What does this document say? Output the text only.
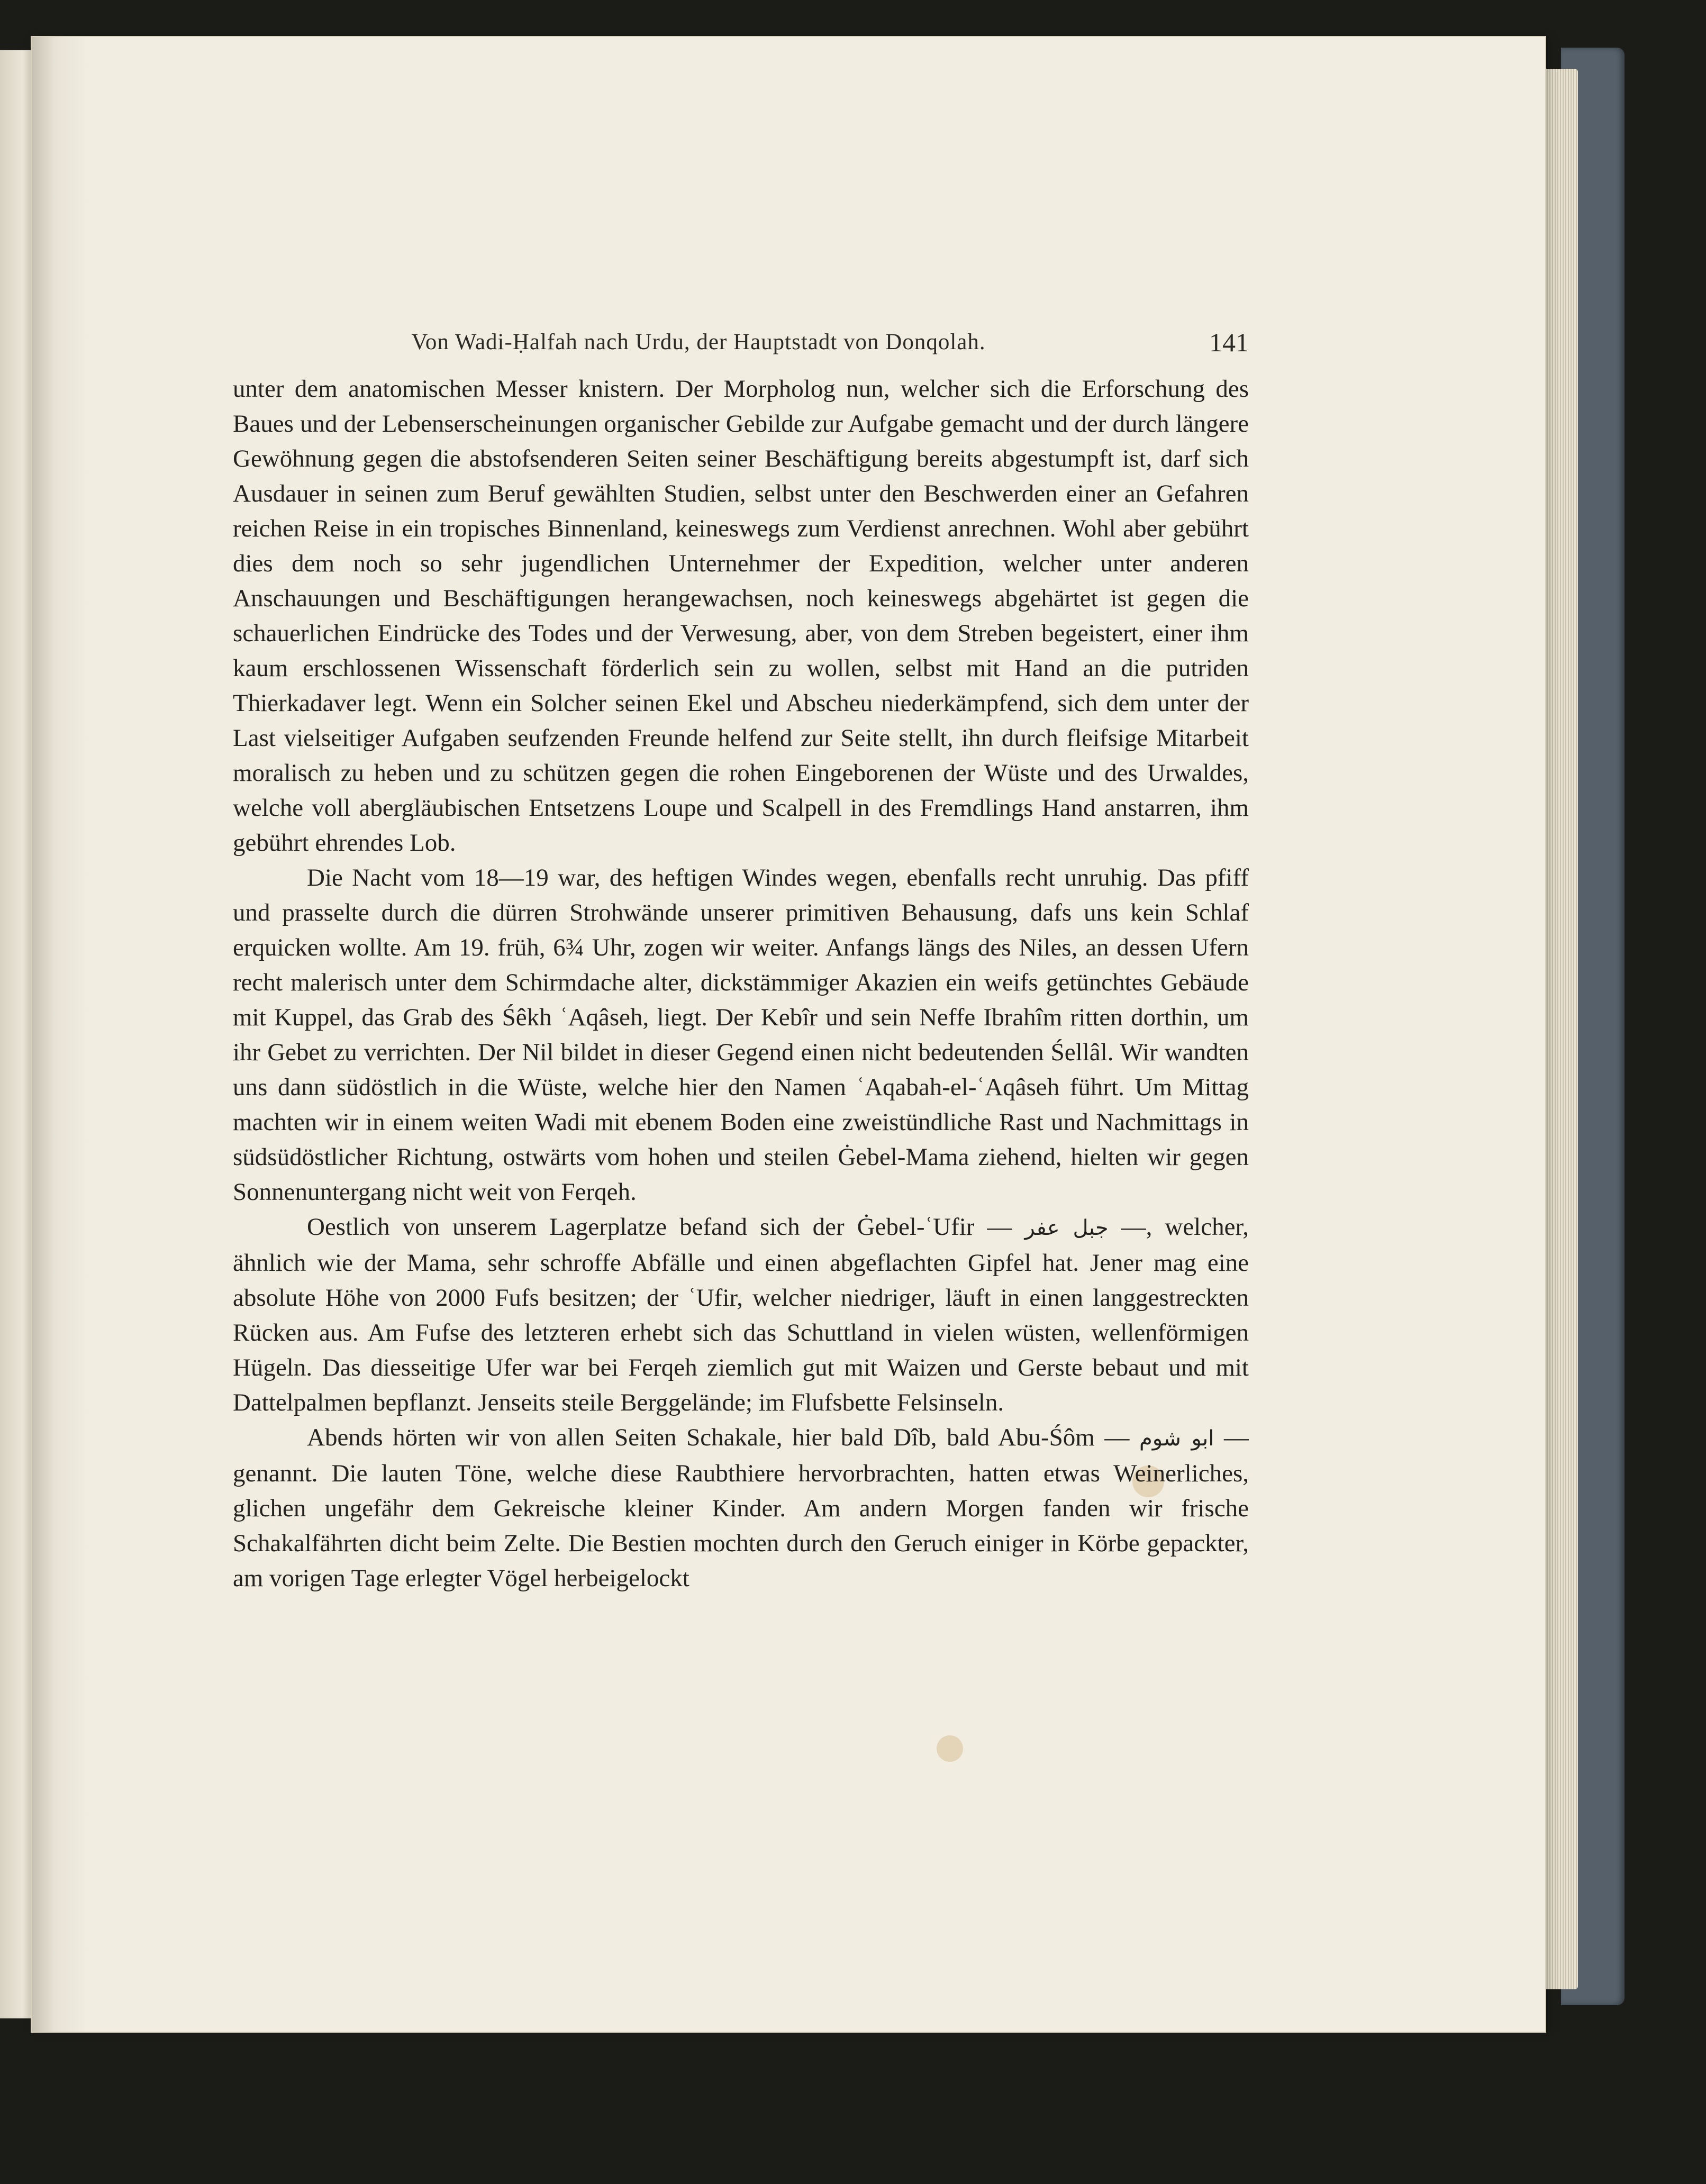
Von Wadi-Ḥalfah nach Urdu, der Hauptstadt von Donqolah.	141

unter dem anatomischen Messer knistern. Der Morpholog nun, welcher sich die Erforschung des Baues und der Lebenserscheinungen organischer Gebilde zur Aufgabe gemacht und der durch längere Gewöhnung gegen die abstofsenderen Seiten seiner Beschäftigung bereits abgestumpft ist, darf sich Ausdauer in seinen zum Beruf gewählten Studien, selbst unter den Beschwerden einer an Gefahren reichen Reise in ein tropisches Binnenland, keineswegs zum Verdienst anrechnen. Wohl aber gebührt dies dem noch so sehr jugendlichen Unternehmer der Expedition, welcher unter anderen Anschauungen und Beschäftigungen herangewachsen, noch keineswegs abgehärtet ist gegen die schauerlichen Eindrücke des Todes und der Verwesung, aber, von dem Streben begeistert, einer ihm kaum erschlossenen Wissenschaft förderlich sein zu wollen, selbst mit Hand an die putriden Thierkadaver legt. Wenn ein Solcher seinen Ekel und Abscheu niederkämpfend, sich dem unter der Last vielseitiger Aufgaben seufzenden Freunde helfend zur Seite stellt, ihn durch fleifsige Mitarbeit moralisch zu heben und zu schützen gegen die rohen Eingeborenen der Wüste und des Urwaldes, welche voll abergläubischen Entsetzens Loupe und Scalpell in des Fremdlings Hand anstarren, ihm gebührt ehrendes Lob.

Die Nacht vom 18—19 war, des heftigen Windes wegen, ebenfalls recht unruhig. Das pfiff und prasselte durch die dürren Strohwände unserer primitiven Behausung, dafs uns kein Schlaf erquicken wollte. Am 19. früh, 6¾ Uhr, zogen wir weiter. Anfangs längs des Niles, an dessen Ufern recht malerisch unter dem Schirmdache alter, dickstämmiger Akazien ein weifs getünchtes Gebäude mit Kuppel, das Grab des Śêkh ʿAqâseh, liegt. Der Kebîr und sein Neffe Ibrahîm ritten dorthin, um ihr Gebet zu verrichten. Der Nil bildet in dieser Gegend einen nicht bedeutenden Śellâl. Wir wandten uns dann südöstlich in die Wüste, welche hier den Namen ʿAqabah-el-ʿAqâseh führt. Um Mittag machten wir in einem weiten Wadi mit ebenem Boden eine zweistündliche Rast und Nachmittags in südsüdöstlicher Richtung, ostwärts vom hohen und steilen Ġebel-Mama ziehend, hielten wir gegen Sonnenuntergang nicht weit von Ferqeh.

Oestlich von unserem Lagerplatze befand sich der Ġebel-ʿUfir — جبل عفر —, welcher, ähnlich wie der Mama, sehr schroffe Abfälle und einen abgeflachten Gipfel hat. Jener mag eine absolute Höhe von 2000 Fufs besitzen; der ʿUfir, welcher niedriger, läuft in einen langgestreckten Rücken aus. Am Fufse des letzteren erhebt sich das Schuttland in vielen wüsten, wellenförmigen Hügeln. Das diesseitige Ufer war bei Ferqeh ziemlich gut mit Waizen und Gerste bebaut und mit Dattelpalmen bepflanzt. Jenseits steile Berggelände; im Flufsbette Felsinseln.

Abends hörten wir von allen Seiten Schakale, hier bald Dîb, bald Abu-Śôm — ابو شوم — genannt. Die lauten Töne, welche diese Raubthiere hervorbrachten, hatten etwas Weinerliches, glichen ungefähr dem Gekreische kleiner Kinder. Am andern Morgen fanden wir frische Schakalfährten dicht beim Zelte. Die Bestien mochten durch den Geruch einiger in Körbe gepackter, am vorigen Tage erlegter Vögel herbeigelockt
